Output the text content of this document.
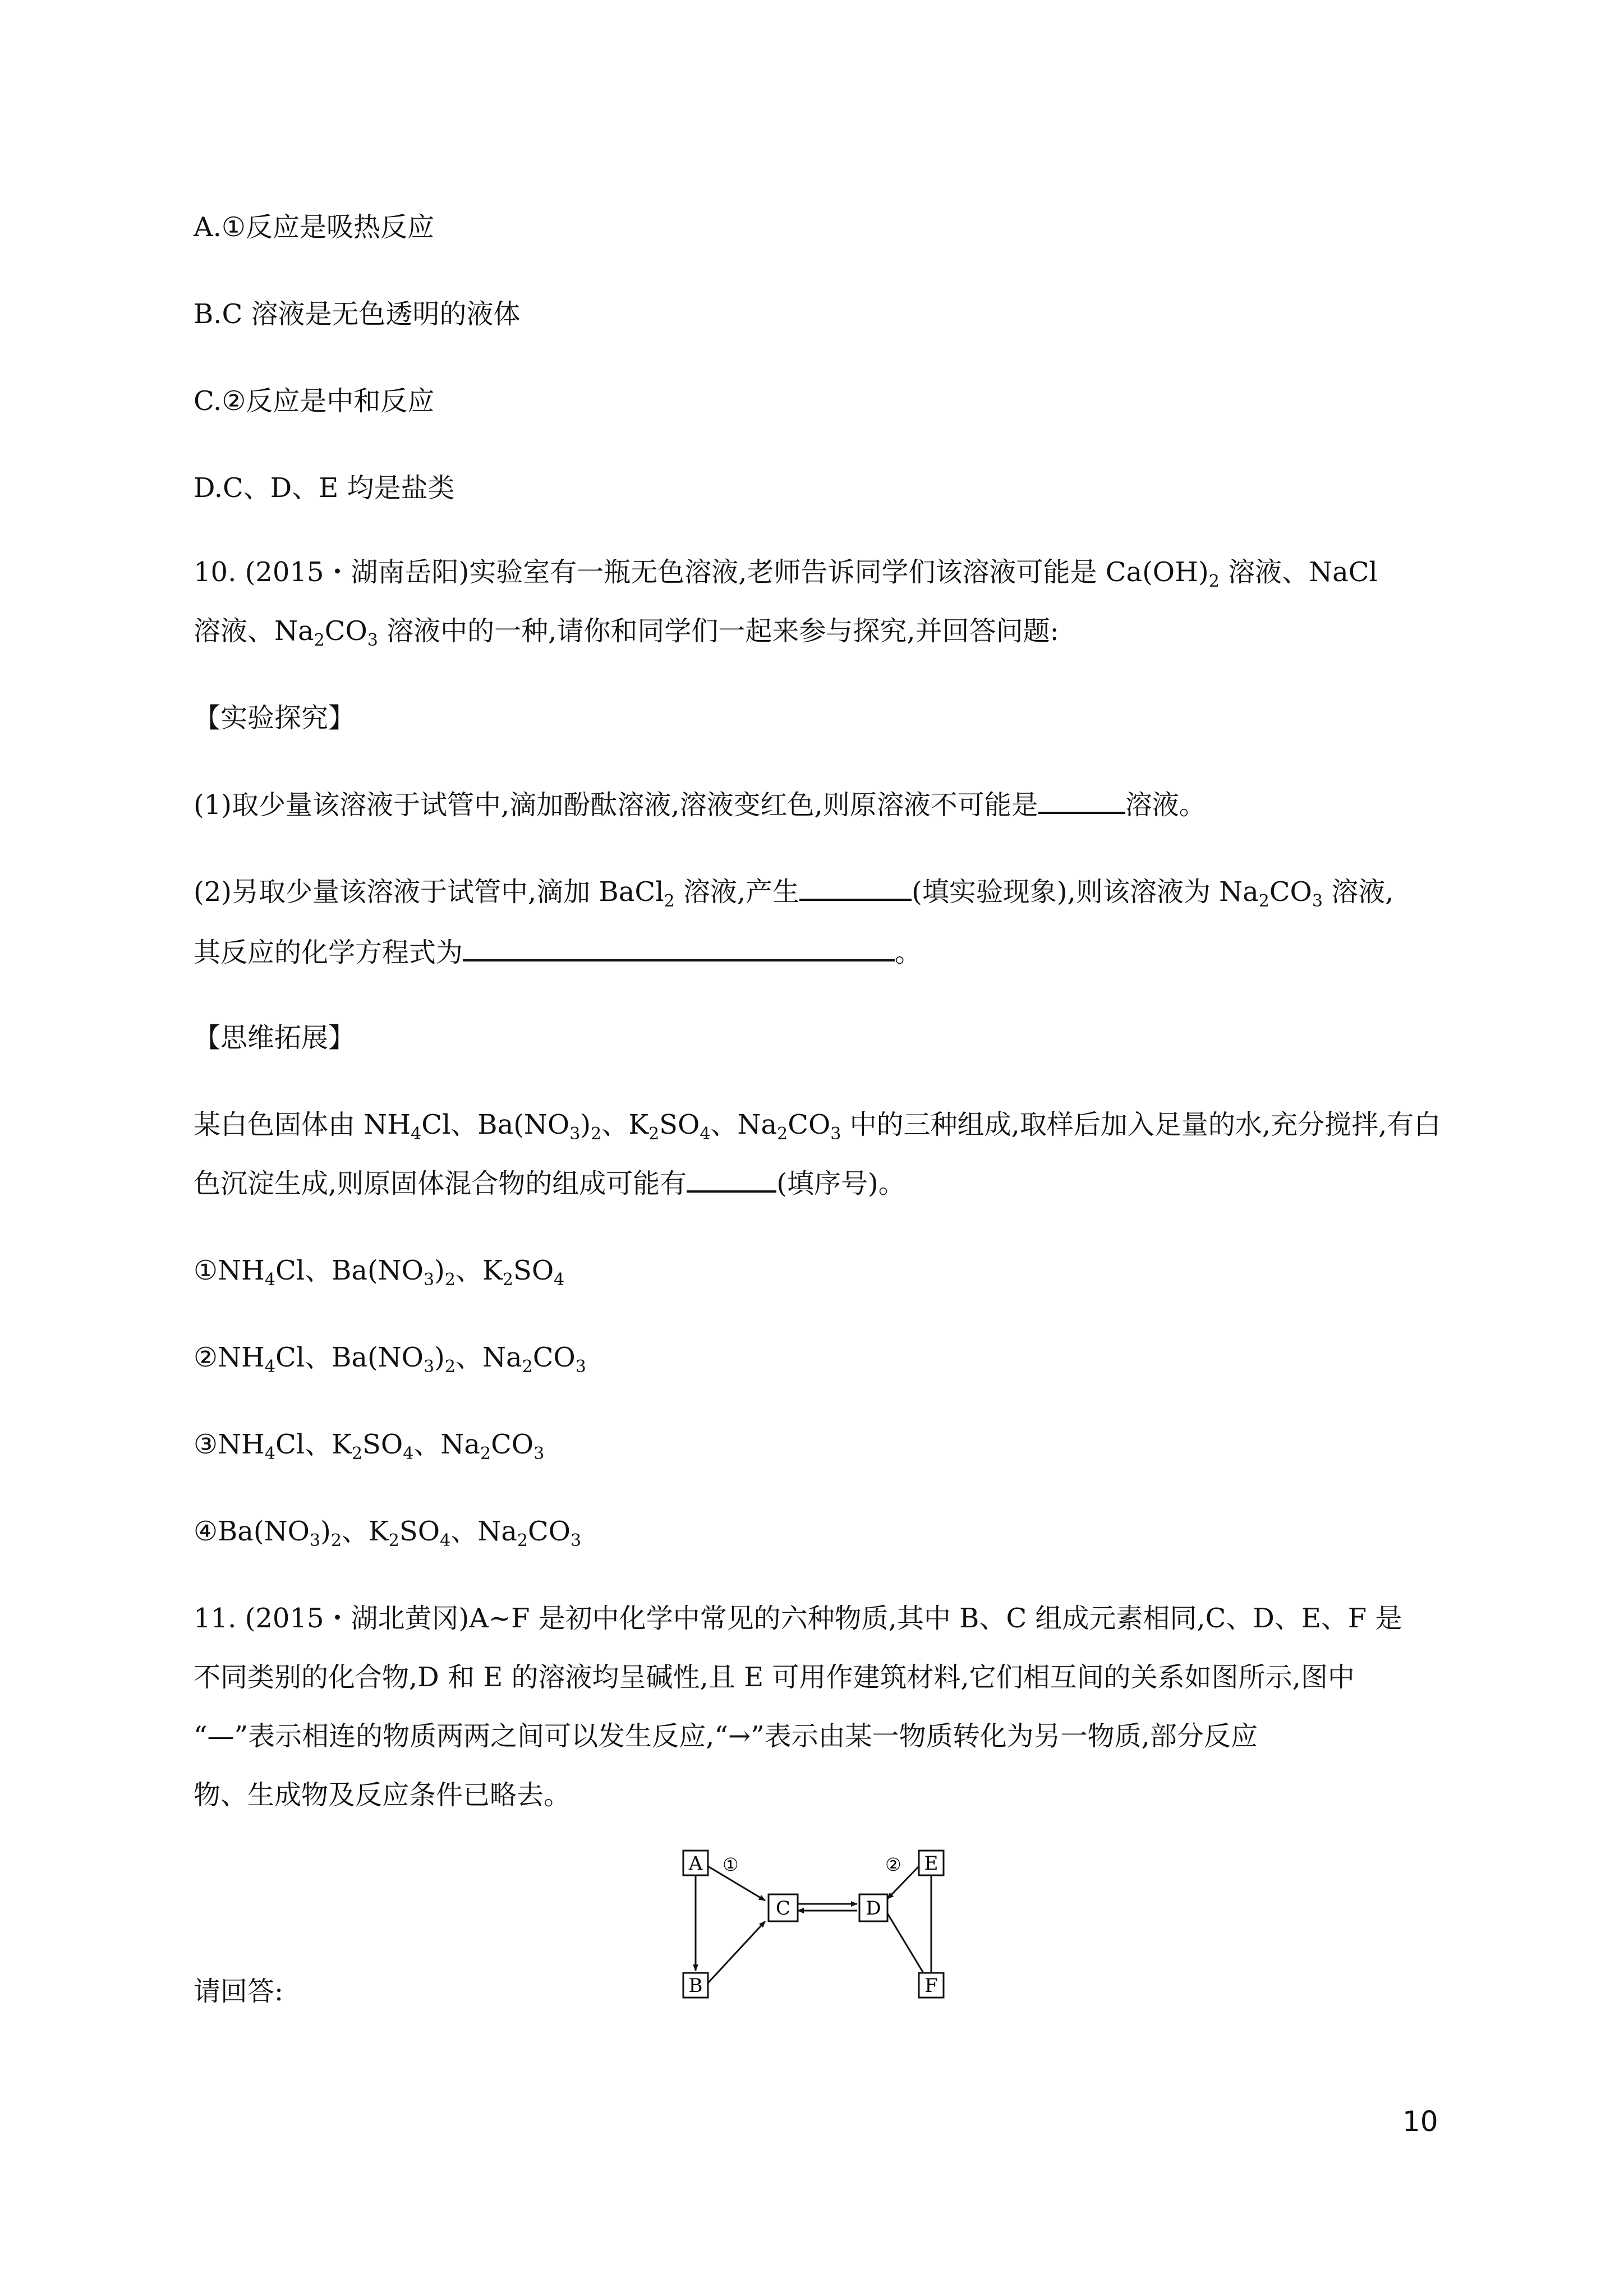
A.①反应是吸热反应
B.C 溶液是无色透明的液体
C.②反应是中和反应
D.C、D、E 均是盐类
10. (2015・湖南岳阳)实验室有一瓶无色溶液,老师告诉同学们该溶液可能是 $Ca(OH)_2$ 溶液、NaCl
溶液、$Na_2CO_3$ 溶液中的一种,请你和同学们一起来参与探究,并回答问题:
【实验探究】
(1)取少量该溶液于试管中,滴加酚酞溶液,溶液变红色,则原溶液不可能是	溶液。
(2)另取少量该溶液于试管中,滴加 BaCl$_2$ 溶液,产生	(填实验现象),则该溶液为 $Na_2CO_3$ 溶液,
其反应的化学方程式为	。
【思维拓展】
某白色固体由 $NH_4Cl$、$Ba(NO_3)_2$、$K_2SO_4$、$Na_2CO_3$ 中的三种组成,取样后加入足量的水,充分搅拌,有白
色沉淀生成,则原固体混合物的组成可能有	(填序号)。
$①NH_4Cl$、$Ba(NO_3)_2$、$K_2SO_4$
$②NH_4Cl$、$Ba(NO_3)_2$、$Na_2CO_3$
$③NH_4Cl$、$K_2SO_4$、$Na_2CO_3$
$④Ba(NO_3)_2$、$K_2SO_4$、$Na_2CO_3$
11. (2015・湖北黄冈)A~F 是初中化学中常见的六种物质,其中 B、C 组成元素相同,C、D、E、F 是
不同类别的化合物,D 和 E 的溶液均呈碱性,且 E 可用作建筑材料,它们相互间的关系如图所示,图中
“—”表示相连的物质两两之间可以发生反应,“→”表示由某一物质转化为另一物质,部分反应
物、生成物及反应条件已略去。
A
B
C	D
E
F
①	②
请回答:
10
